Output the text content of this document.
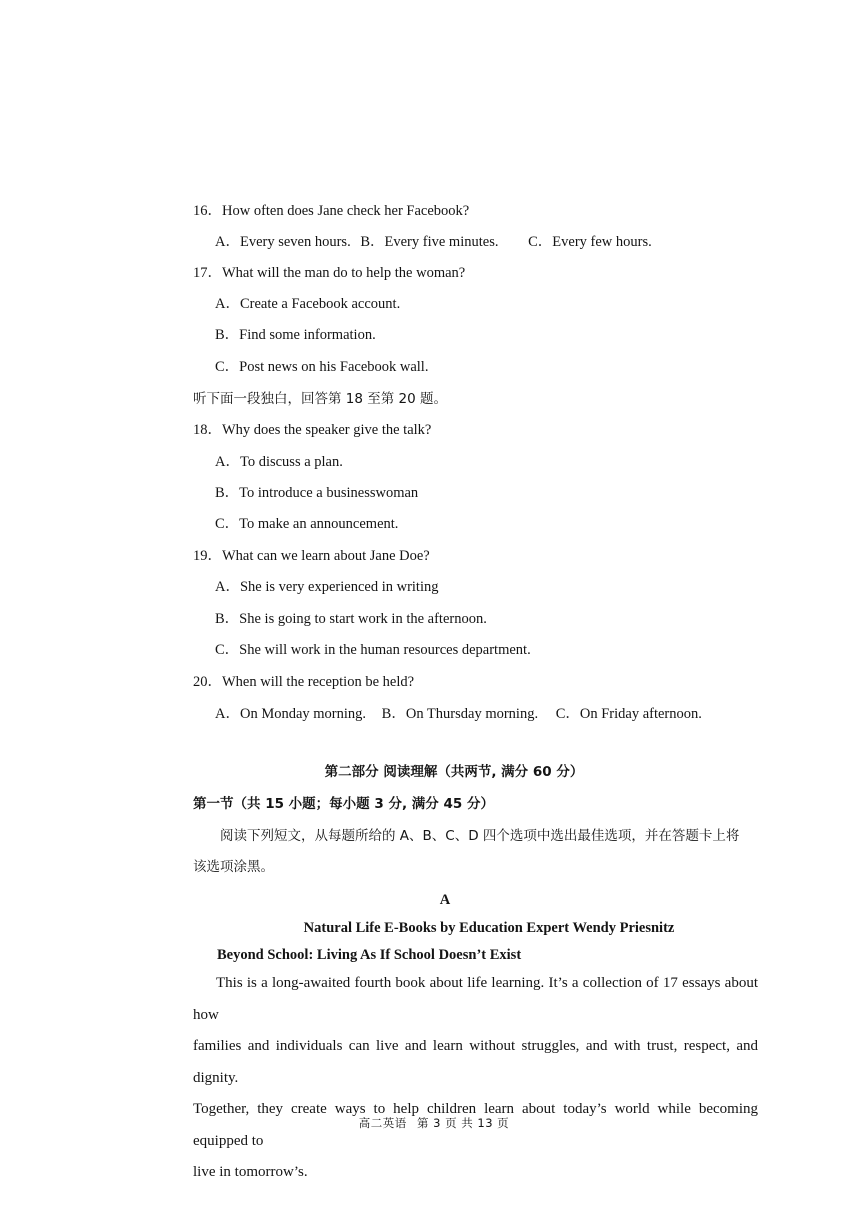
16．How often does Jane check her Facebook?
A．Every seven hours. B．Every five minutes. C．Every few hours.
17．What will the man do to help the woman?
A．Create a Facebook account.
B．Find some information.
C．Post news on his Facebook wall.
听下面一段独白，回答第 18 至第 20 题。
18．Why does the speaker give the talk?
A．To discuss a plan.
B．To introduce a businesswoman
C．To make an announcement.
19．What can we learn about Jane Doe?
A．She is very experienced in writing
B．She is going to start work in the afternoon.
C．She will work in the human resources department.
20．When will the reception be held?
A．On Monday morning. B．On Thursday morning. C．On Friday afternoon.
第二部分 阅读理解（共两节, 满分 60 分）
第一节（共 15 小题；每小题 3 分, 满分 45 分）
阅读下列短文，从每题所给的 A、B、C、D 四个选项中选出最佳选项，并在答题卡上将
该选项涂黑。
A
Natural Life E-Books by Education Expert Wendy Priesnitz
Beyond School: Living As If School Doesn’t Exist
This is a long-awaited fourth book about life learning. It’s a collection of 17 essays about how
families and individuals can live and learn without struggles, and with trust, respect, and dignity.
Together, they create ways to help children learn about today’s world while becoming equipped to
live in tomorrow’s.
高二英语 第 3 页 共 13 页
